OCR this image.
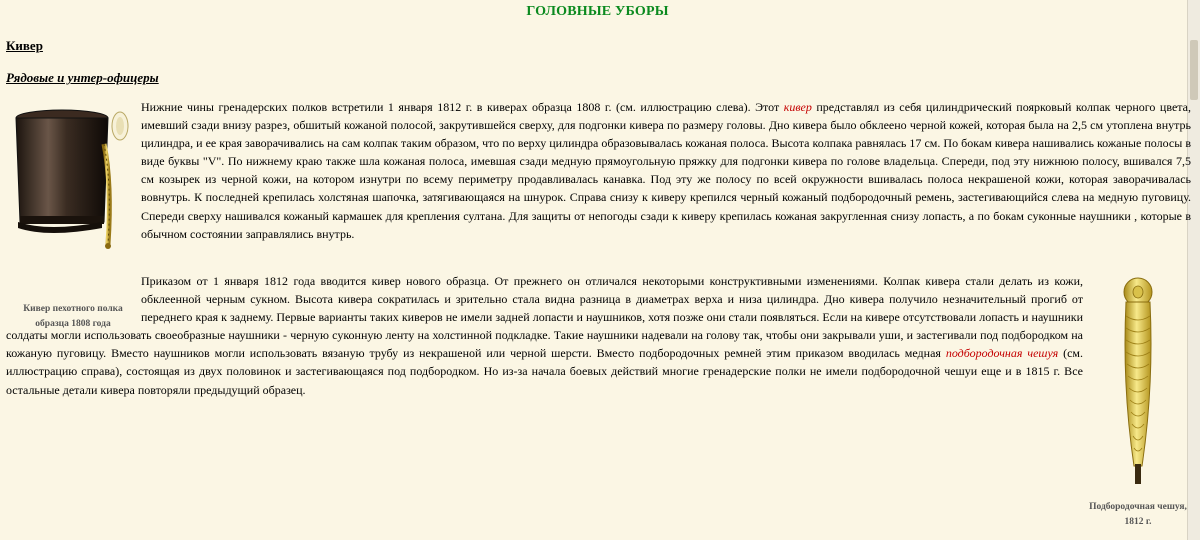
ГОЛОВНЫЕ УБОРЫ
Кивер
Рядовые и унтер-офицеры
Кивер пехотного полка образца 1808 года

Нижние чины гренадерских полков встретили 1 января 1812 г. в киверах образца 1808 г. (см. иллюстрацию слева). Этот кивер представлял из себя цилиндрический поярковый колпак черного цвета, имевший сзади внизу разрез, обшитый кожаной полосой, закрутившейся сверху, для подгонки кивера по размеру головы. Дно кивера было обклеено черной кожей, которая была на 2,5 см утоплена внутрь цилиндра, и ее края заворачивались на сам колпак таким образом, что по верху цилиндра образовывалась кожаная полоса. Высота колпака равнялась 17 см. По бокам кивера нашивались кожаные полосы в виде буквы "V". По нижнему краю также шла кожаная полоса, имевшая сзади медную прямоугольную пряжку для подгонки кивера по голове владельца. Спереди, под эту нижнюю полосу, вшивался 7,5 см козырек из черной кожи, на котором изнутри по всему периметру продавливалась канавка. Под эту же полосу по всей окружности вшивалась полоса некрашеной кожи, которая заворачивалась вовнутрь. К последней крепилась холстяная шапочка, затягивающаяся на шнурок. Справа снизу к киверу крепился черный кожаный подбородочный ремень, застегивающийся слева на медную пуговицу. Спереди сверху нашивался кожаный кармашек для крепления султана. Для защиты от непогоды сзади к киверу крепилась кожаная закругленная снизу лопасть, а по бокам суконные наушники , которые в обычном состоянии заправлялись внутрь.

Приказом от 1 января 1812 года вводится кивер нового образца. От прежнего он отличался некоторыми конструктивными изменениями. Колпак кивера стали делать из кожи, обклеенной черным сукном. Высота кивера сократилась и зрительно стала видна разница в диаметрах верха и низа цилиндра. Дно кивера получило незначительный прогиб от переднего края к заднему. Первые варианты таких киверов не имели задней лопасти и наушников, хотя позже они стали появляться. Если на кивере отсутствовали лопасть и наушники солдаты могли использовать своеобразные наушники - черную суконную ленту на холстинной подкладке. Такие наушники надевали на голову так, чтобы они закрывали уши, и застегивали под подбородком на кожаную пуговицу. Вместо наушников могли использовать вязаную трубу из некрашеной или черной шерсти. Вместо подбородочных ремней этим приказом вводилась медная подбородочная чешуя (см. иллюстрацию справа), состоящая из двух половинок и застегивающаяся под подбородком. Но из-за начала боевых действий многие гренадерские полки не имели подбородочной чешуи еще и в 1815 г. Все остальные детали кивера повторяли предыдущий образец.

Подбородочная чешуя, 1812 г.
